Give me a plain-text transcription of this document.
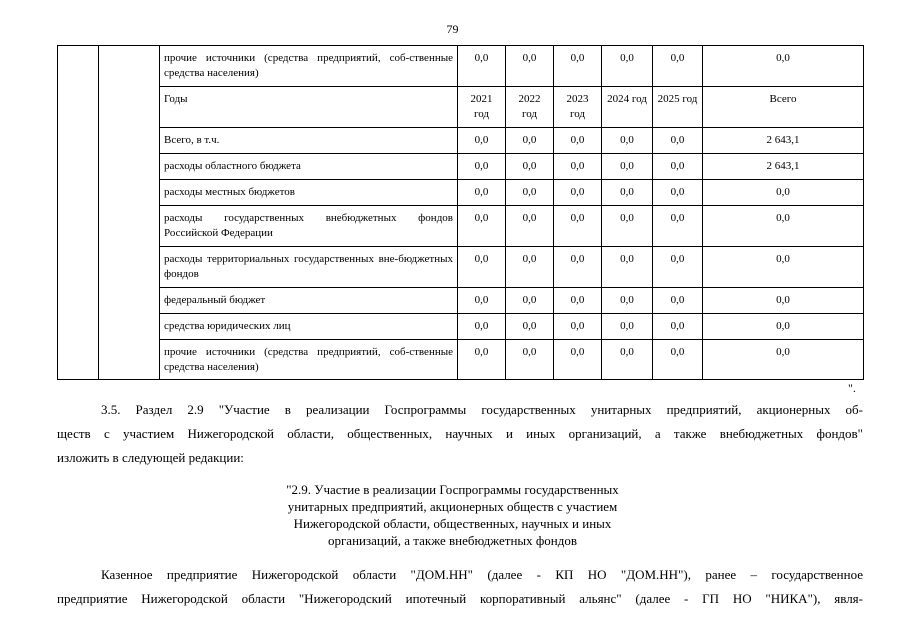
79
		прочие источники (средства предприятий, соб-ственные средства населения)	0,0	0,0	0,0	0,0	0,0	0,0
		Годы	2021 год	2022 год	2023 год	2024 год	2025 год	Всего
		Всего, в т.ч.	0,0	0,0	0,0	0,0	0,0	2 643,1
		расходы областного бюджета	0,0	0,0	0,0	0,0	0,0	2 643,1
		расходы местных бюджетов	0,0	0,0	0,0	0,0	0,0	0,0
		расходы государственных внебюджетных фондов Российской Федерации	0,0	0,0	0,0	0,0	0,0	0,0
		расходы территориальных государственных вне-бюджетных фондов	0,0	0,0	0,0	0,0	0,0	0,0
		федеральный бюджет	0,0	0,0	0,0	0,0	0,0	0,0
		средства юридических лиц	0,0	0,0	0,0	0,0	0,0	0,0
		прочие источники (средства предприятий, соб-ственные средства населения)	0,0	0,0	0,0	0,0	0,0	0,0
".
3.5. Раздел 2.9 "Участие в реализации Госпрограммы государственных унитарных предприятий, акционерных об-
ществ с участием Нижегородской области, общественных, научных и иных организаций, а также внебюджетных фондов"
изложить в следующей редакции:
"2.9. Участие в реализации Госпрограммы государственных
унитарных предприятий, акционерных обществ с участием
Нижегородской области, общественных, научных и иных
организаций, а также внебюджетных фондов
Казенное предприятие Нижегородской области "ДОМ.НН" (далее - КП НО "ДОМ.НН"), ранее – государственное
предприятие Нижегородской области "Нижегородский ипотечный корпоративный альянс" (далее - ГП НО "НИКА"), явля-
